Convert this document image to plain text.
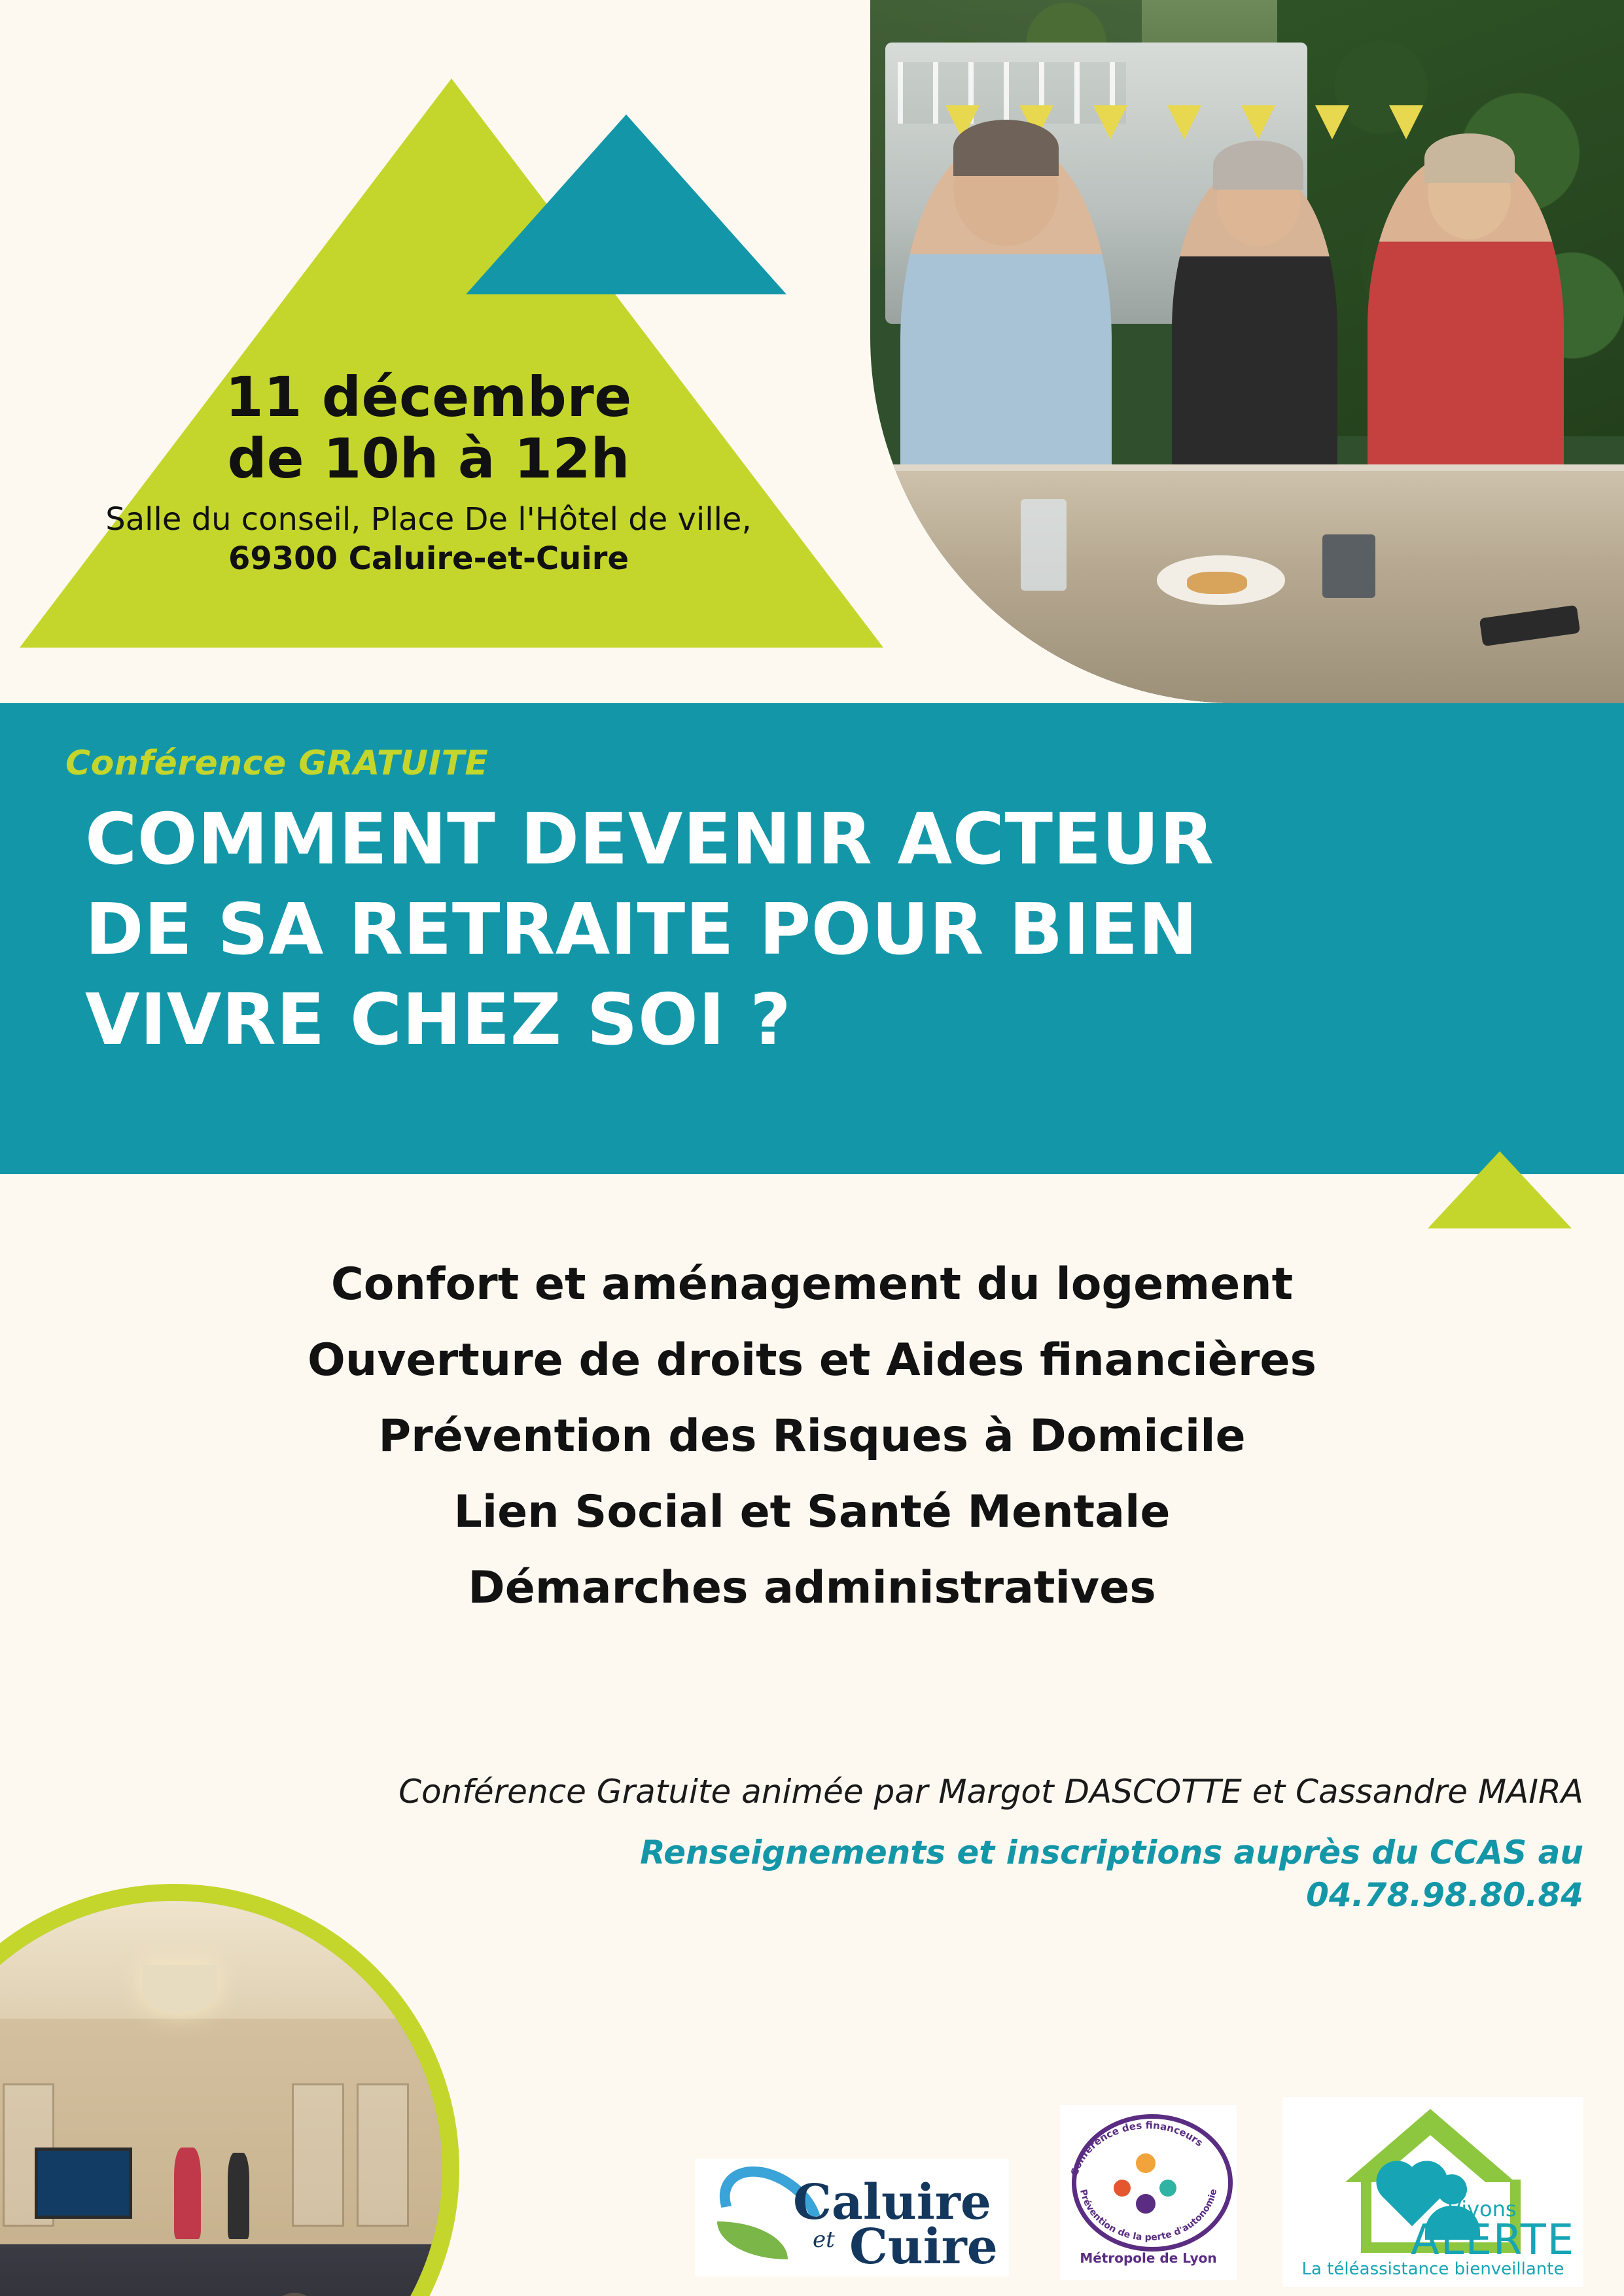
11 décembre
de 10h à 12h
Salle du conseil, Place De l'Hôtel de ville,
69300 Caluire-et-Cuire
Conférence GRATUITE
COMMENT DEVENIR ACTEUR
DE SA RETRAITE POUR BIEN
VIVRE CHEZ SOI ?
Confort et aménagement du logement
Ouverture de droits et Aides financières
Prévention des Risques à Domicile
Lien Social et Santé Mentale
Démarches administratives
Conférence Gratuite animée par Margot DASCOTTE et Cassandre MAIRA
Renseignements et inscriptions auprès du CCAS au
04.78.98.80.84
Caluire
et Cuire
Conférence des financeurs
Prévention de la perte d'autonomie
Métropole de Lyon
Vivons
ALERTE
La téléassistance bienveillante
